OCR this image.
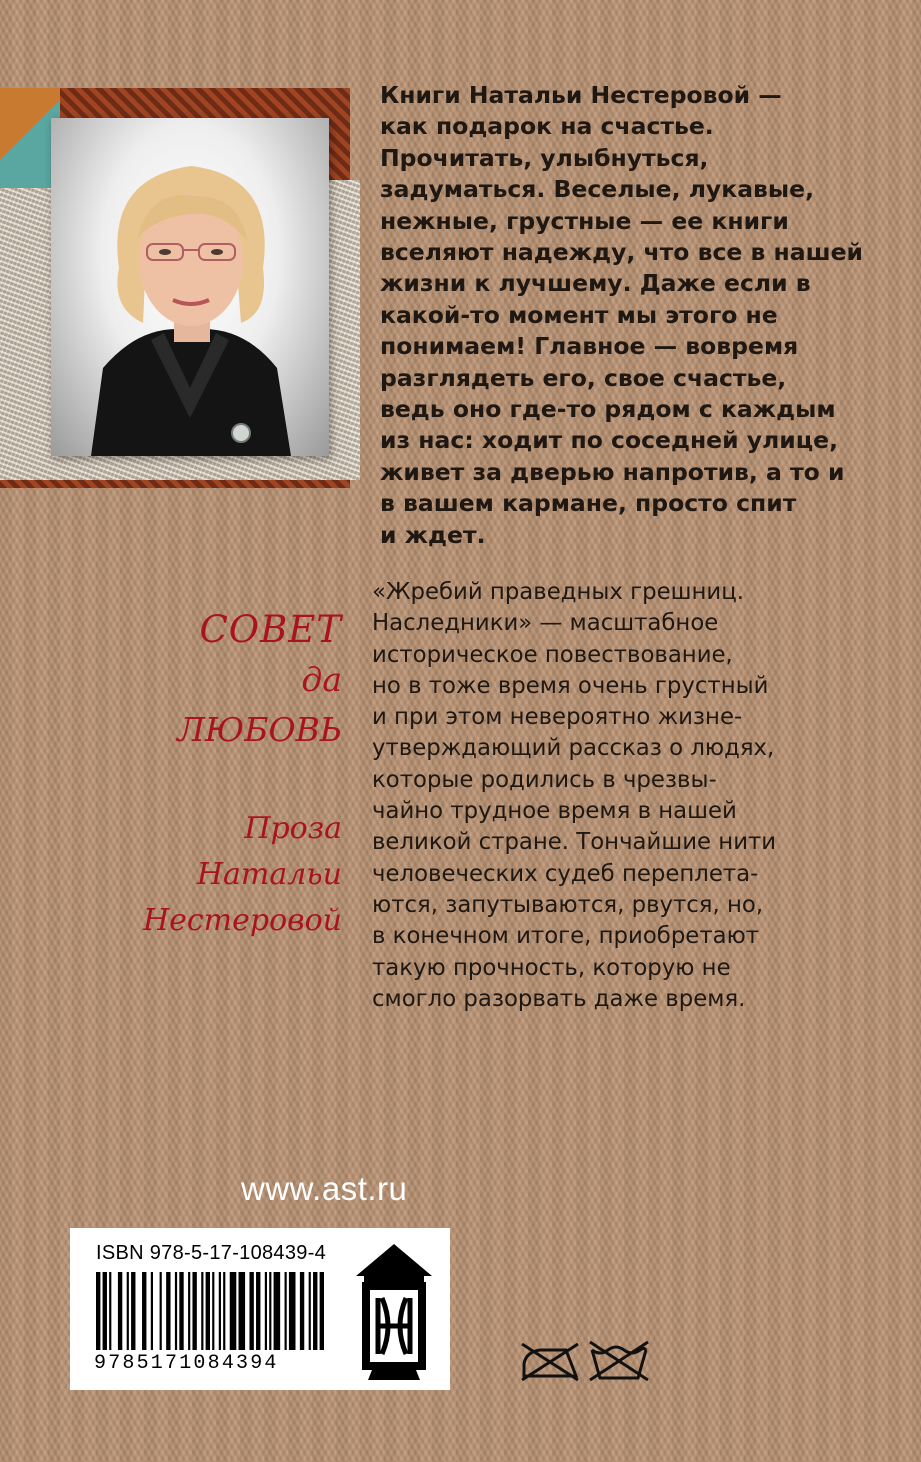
Книги Натальи Нестеровой —
как подарок на счастье.
Прочитать, улыбнуться,
задуматься. Веселые, лукавые,
нежные, грустные — ее книги
вселяют надежду, что все в нашей
жизни к лучшему. Даже если в
какой-то момент мы этого не
понимаем! Главное — вовремя
разглядеть его, свое счастье,
ведь оно где-то рядом с каждым
из нас: ходит по соседней улице,
живет за дверью напротив, а то и
в вашем кармане, просто спит
и ждет.

СОВЕТ
да
ЛЮБОВЬ
Проза
Натальи
Нестеровой

«Жребий праведных грешниц.
Наследники» — масштабное
историческое повествование,
но в тоже время очень грустный
и при этом невероятно жизне-
утверждающий рассказ о людях,
которые родились в чрезвы-
чайно трудное время в нашей
великой стране. Тончайшие нити
человеческих судеб переплета-
ются, запутываются, рвутся, но,
в конечном итоге, приобретают
такую прочность, которую не
смогло разорвать даже время.

www.ast.ru
ISBN 978-5-17-108439-4
9785171084394
